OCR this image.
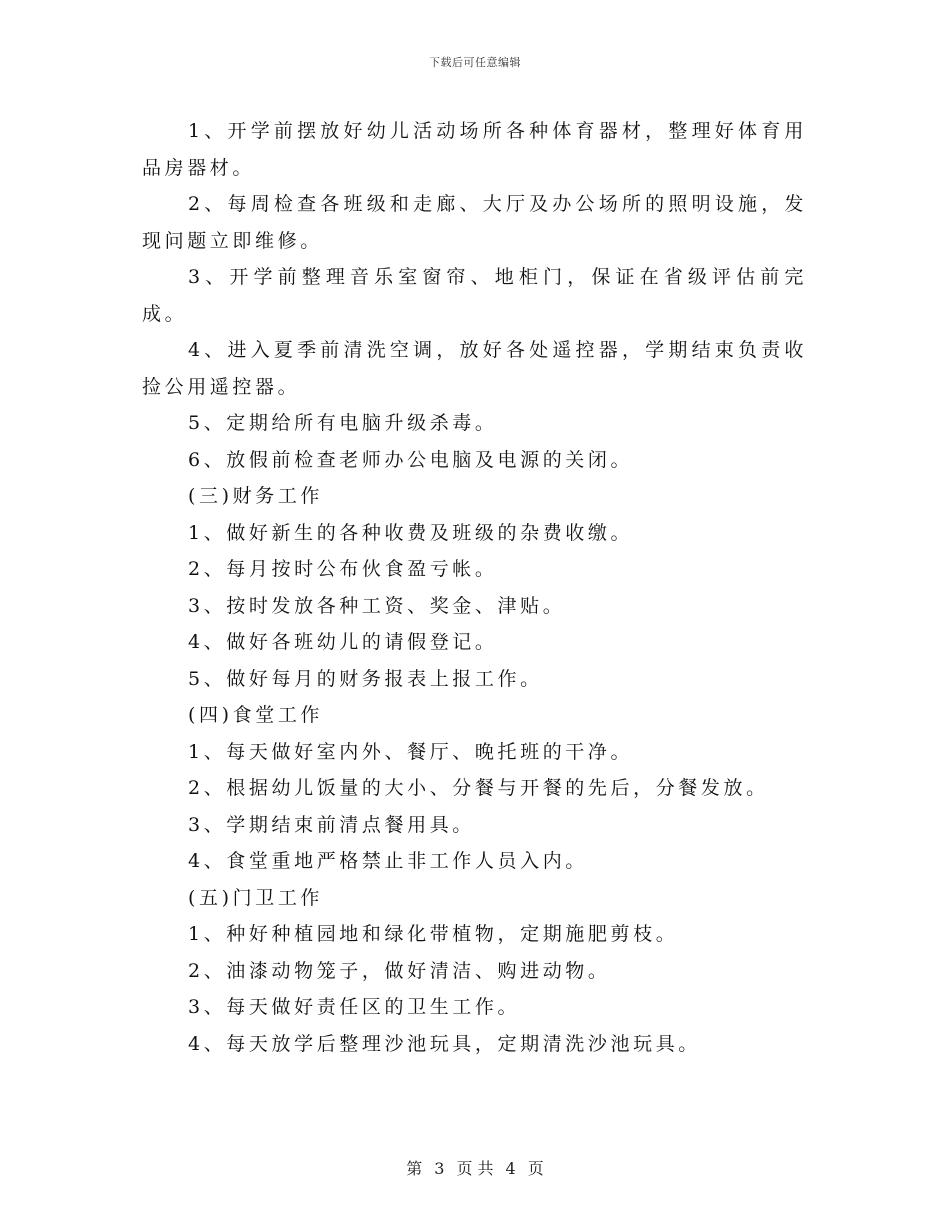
下载后可任意编辑

1、开学前摆放好幼儿活动场所各种体育器材，整理好体育用品房器材。

2、每周检查各班级和走廊、大厅及办公场所的照明设施，发现问题立即维修。

3、开学前整理音乐室窗帘、地柜门，保证在省级评估前完成。

4、进入夏季前清洗空调，放好各处遥控器，学期结束负责收捡公用遥控器。

5、定期给所有电脑升级杀毒。

6、放假前检查老师办公电脑及电源的关闭。

(三)财务工作

1、做好新生的各种收费及班级的杂费收缴。

2、每月按时公布伙食盈亏帐。

3、按时发放各种工资、奖金、津贴。

4、做好各班幼儿的请假登记。

5、做好每月的财务报表上报工作。

(四)食堂工作

1、每天做好室内外、餐厅、晚托班的干净。

2、根据幼儿饭量的大小、分餐与开餐的先后，分餐发放。

3、学期结束前清点餐用具。

4、食堂重地严格禁止非工作人员入内。

(五)门卫工作

1、种好种植园地和绿化带植物，定期施肥剪枝。

2、油漆动物笼子，做好清洁、购进动物。

3、每天做好责任区的卫生工作。

4、每天放学后整理沙池玩具，定期清洗沙池玩具。

第 3 页 共 4 页
